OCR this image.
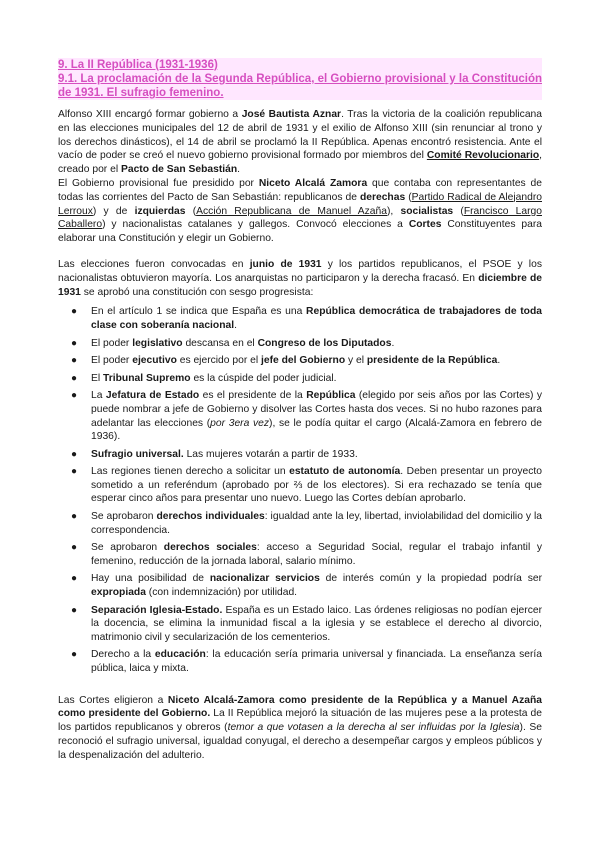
9. La II República (1931-1936)
9.1. La proclamación de la Segunda República, el Gobierno provisional y la Constitución de 1931. El sufragio femenino.

Alfonso XIII encargó formar gobierno a José Bautista Aznar. Tras la victoria de la coalición republicana en las elecciones municipales del 12 de abril de 1931 y el exilio de Alfonso XIII (sin renunciar al trono y los derechos dinásticos), el 14 de abril se proclamó la II República. Apenas encontró resistencia. Ante el vacío de poder se creó el nuevo gobierno provisional formado por miembros del Comité Revolucionario, creado por el Pacto de San Sebastián.

El Gobierno provisional fue presidido por Niceto Alcalá Zamora que contaba con representantes de todas las corrientes del Pacto de San Sebastián: republicanos de derechas (Partido Radical de Alejandro Lerroux) y de izquierdas (Acción Republicana de Manuel Azaña), socialistas (Francisco Largo Caballero) y nacionalistas catalanes y gallegos. Convocó elecciones a Cortes Constituyentes para elaborar una Constitución y elegir un Gobierno.

Las elecciones fueron convocadas en junio de 1931 y los partidos republicanos, el PSOE y los nacionalistas obtuvieron mayoría. Los anarquistas no participaron y la derecha fracasó. En diciembre de 1931 se aprobó una constitución con sesgo progresista:

● En el artículo 1 se indica que España es una República democrática de trabajadores de toda clase con soberanía nacional.
● El poder legislativo descansa en el Congreso de los Diputados.
● El poder ejecutivo es ejercido por el jefe del Gobierno y el presidente de la República.
● El Tribunal Supremo es la cúspide del poder judicial.
● La Jefatura de Estado es el presidente de la República (elegido por seis años por las Cortes) y puede nombrar a jefe de Gobierno y disolver las Cortes hasta dos veces. Si no hubo razones para adelantar las elecciones (por 3era vez), se le podía quitar el cargo (Alcalá-Zamora en febrero de 1936).
● Sufragio universal. Las mujeres votarán a partir de 1933.
● Las regiones tienen derecho a solicitar un estatuto de autonomía. Deben presentar un proyecto sometido a un referéndum (aprobado por ⅔ de los electores). Si era rechazado se tenía que esperar cinco años para presentar uno nuevo. Luego las Cortes debían aprobarlo.
● Se aprobaron derechos individuales: igualdad ante la ley, libertad, inviolabilidad del domicilio y la correspondencia.
● Se aprobaron derechos sociales: acceso a Seguridad Social, regular el trabajo infantil y femenino, reducción de la jornada laboral, salario mínimo.
● Hay una posibilidad de nacionalizar servicios de interés común y la propiedad podría ser expropiada (con indemnización) por utilidad.
● Separación Iglesia-Estado. España es un Estado laico. Las órdenes religiosas no podían ejercer la docencia, se elimina la inmunidad fiscal a la iglesia y se establece el derecho al divorcio, matrimonio civil y secularización de los cementerios.
● Derecho a la educación: la educación sería primaria universal y financiada. La enseñanza sería pública, laica y mixta.

Las Cortes eligieron a Niceto Alcalá-Zamora como presidente de la República y a Manuel Azaña como presidente del Gobierno. La II República mejoró la situación de las mujeres pese a la protesta de los partidos republicanos y obreros (temor a que votasen a la derecha al ser influidas por la Iglesia). Se reconoció el sufragio universal, igualdad conyugal, el derecho a desempeñar cargos y empleos públicos y la despenalización del adulterio.
